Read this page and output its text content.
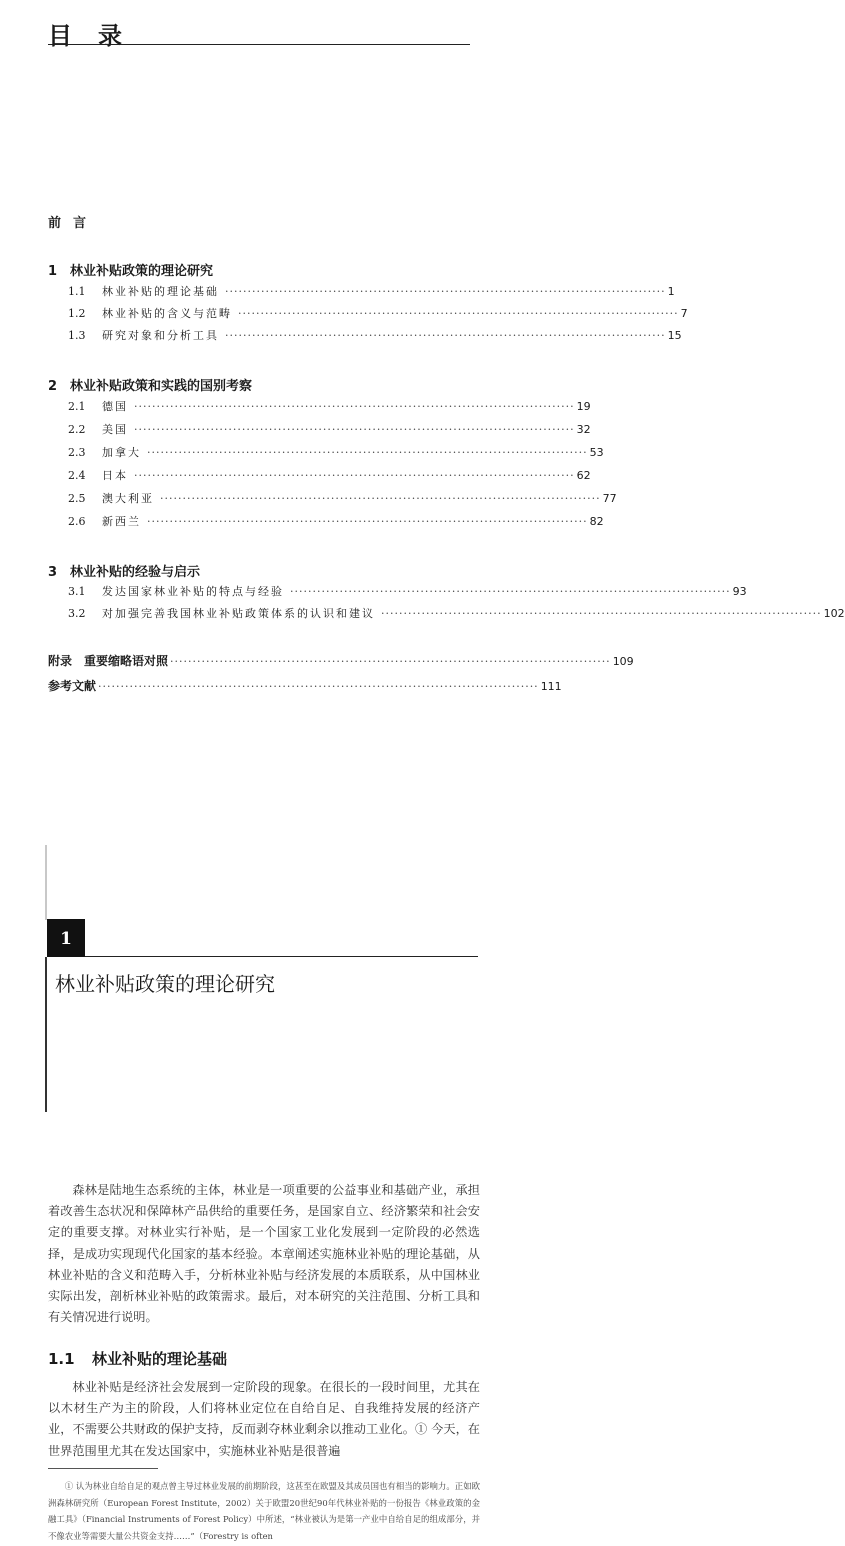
目录
前言
1 林业补贴政策的理论研究
1.1	林业补贴的理论基础 ·································································································· 1
1.2	林业补贴的含义与范畴 ·································································································· 7
1.3	研究对象和分析工具 ·································································································· 15
2 林业补贴政策和实践的国别考察
2.1	德国 ·································································································· 19
2.2	美国 ·································································································· 32
2.3	加拿大 ·································································································· 53
2.4	日本 ·································································································· 62
2.5	澳大利亚 ·································································································· 77
2.6	新西兰 ·································································································· 82
3 林业补贴的经验与启示
3.1	发达国家林业补贴的特点与经验 ·································································································· 93
3.2	对加强完善我国林业补贴政策体系的认识和建议 ·································································································· 102
附录　重要缩略语对照 ·································································································· 109
参考文献 ·································································································· 111
1
林业补贴政策的理论研究

森林是陆地生态系统的主体，林业是一项重要的公益事业和基础产业，承担着改善生态状况和保障林产品供给的重要任务，是国家自立、经济繁荣和社会安定的重要支撑。对林业实行补贴，是一个国家工业化发展到一定阶段的必然选择，是成功实现现代化国家的基本经验。本章阐述实施林业补贴的理论基础，从林业补贴的含义和范畴入手，分析林业补贴与经济发展的本质联系，从中国林业实际出发，剖析林业补贴的政策需求。最后，对本研究的关注范围、分析工具和有关情况进行说明。

1.1 林业补贴的理论基础

林业补贴是经济社会发展到一定阶段的现象。在很长的一段时间里，尤其在以木材生产为主的阶段，人们将林业定位在自给自足、自我维持发展的经济产业，不需要公共财政的保护支持，反而剥夺林业剩余以推动工业化。① 今天，在世界范围里尤其在发达国家中，实施林业补贴是很普遍

① 认为林业自给自足的观点曾主导过林业发展的前期阶段，这甚至在欧盟及其成员国也有相当的影响力。正如欧洲森林研究所（European Forest Institute，2002）关于欧盟20世纪90年代林业补贴的一份报告《林业政策的金融工具》（Financial Instruments of Forest Policy）中所述，“林业被认为是第一产业中自给自足的组成部分，并不像农业等需要大量公共资金支持……”（Forestry is often
